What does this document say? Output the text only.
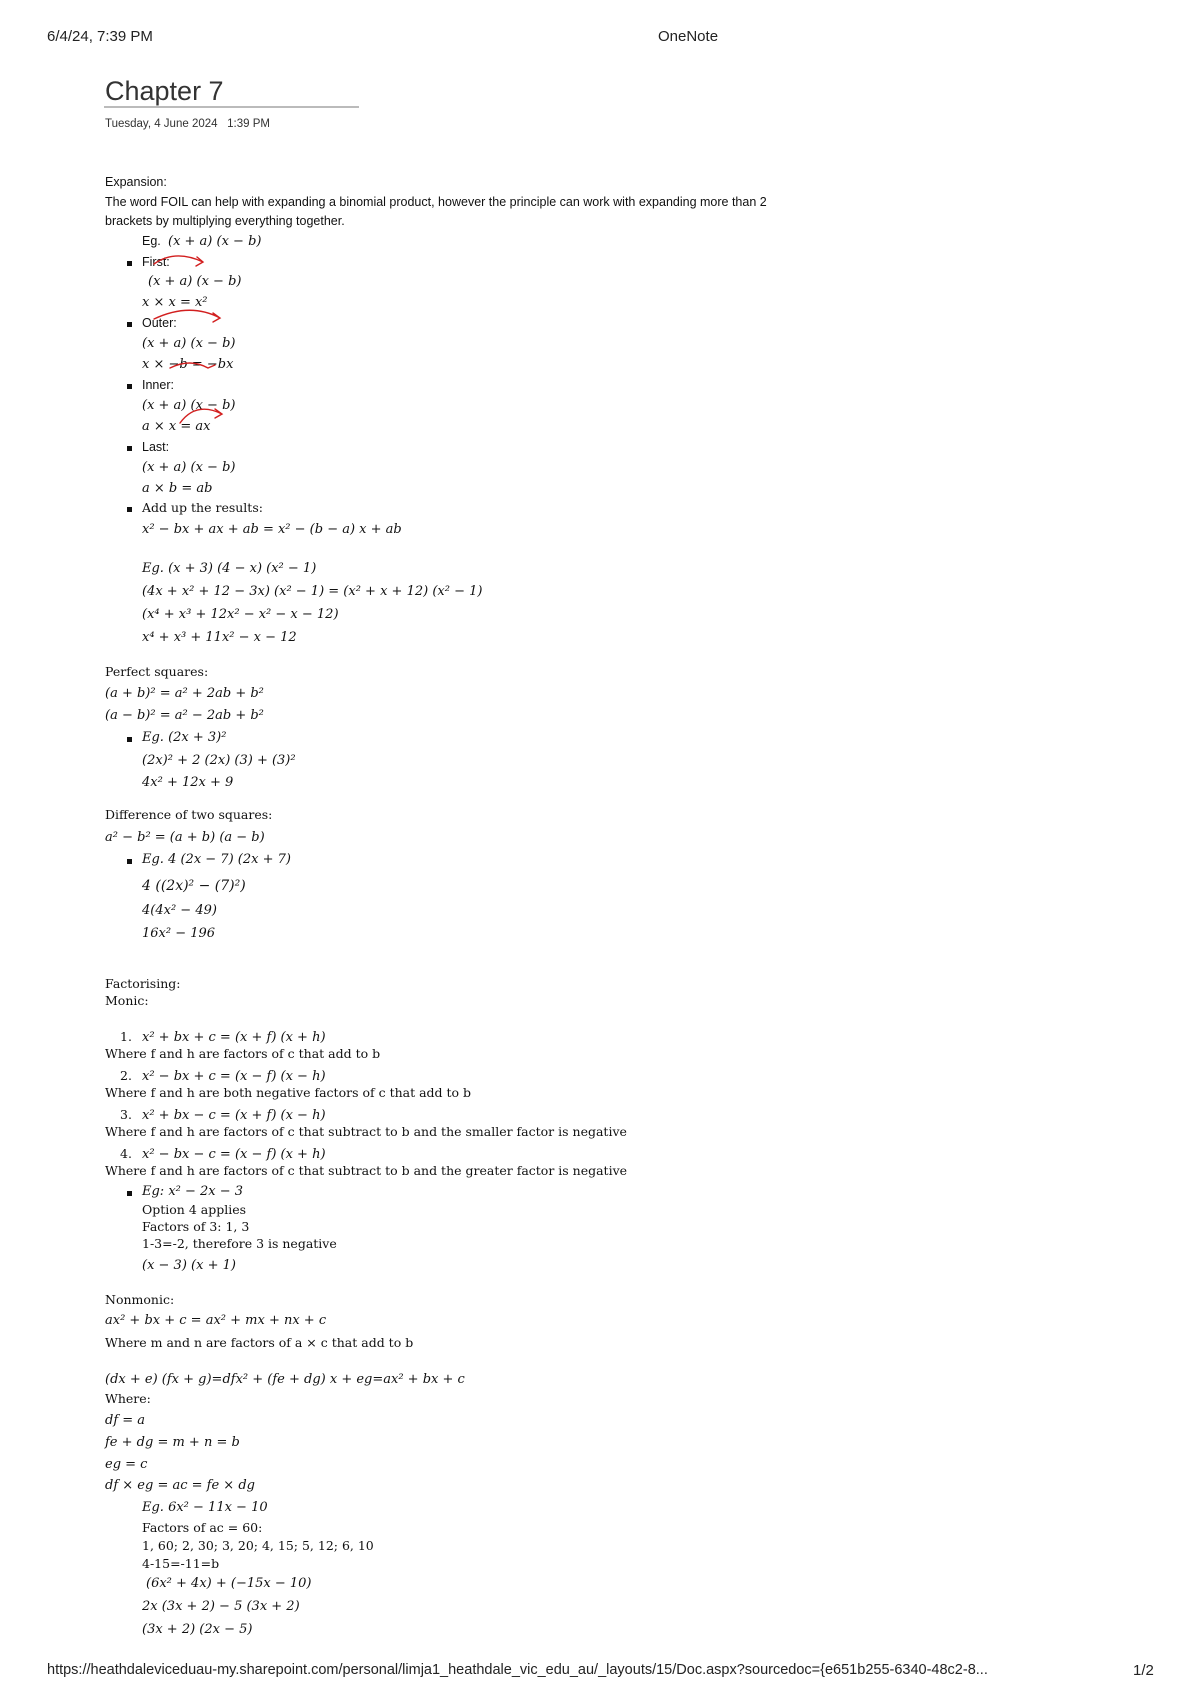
6/4/24, 7:39 PM	OneNote
Chapter 7
Tuesday, 4 June 2024 1:39 PM
Expansion:
The word FOIL can help with expanding a binomial product, however the principle can work with expanding more than 2
brackets by multiplying everything together.
Eg. (x + a) (x − b)
First:
(x + a) (x − b)
x × x = x²
Outer:
(x + a) (x − b)
x × −b = −bx
Inner:
(x + a) (x − b)
a × x = ax
Last:
(x + a) (x − b)
a × b = ab
Add up the results:
x² − bx + ax + ab = x² − (b − a) x + ab
Eg. (x + 3) (4 − x) (x² − 1)
(4x + x² + 12 − 3x) (x² − 1) = (x² + x + 12) (x² − 1)
(x⁴ + x³ + 12x² − x² − x − 12)
x⁴ + x³ + 11x² − x − 12
Perfect squares:
(a + b)² = a² + 2ab + b²
(a − b)² = a² − 2ab + b²
Eg. (2x + 3)²
(2x)² + 2 (2x) (3) + (3)²
4x² + 12x + 9
Difference of two squares:
a² − b² = (a + b) (a − b)
Eg. 4 (2x − 7) (2x + 7)
4 ((2x)² − (7)²)
4(4x² − 49)
16x² − 196
Factorising:
Monic:
1. x² + bx + c = (x + f) (x + h)
Where f and h are factors of c that add to b
2. x² − bx + c = (x − f) (x − h)
Where f and h are both negative factors of c that add to b
3. x² + bx − c = (x + f) (x − h)
Where f and h are factors of c that subtract to b and the smaller factor is negative
4. x² − bx − c = (x − f) (x + h)
Where f and h are factors of c that subtract to b and the greater factor is negative
Eg: x² − 2x − 3
Option 4 applies
Factors of 3: 1, 3
1-3=-2, therefore 3 is negative
(x − 3) (x + 1)
Nonmonic:
ax² + bx + c = ax² + mx + nx + c
Where m and n are factors of a × c that add to b
(dx + e) (fx + g)=dfx² + (fe + dg) x + eg=ax² + bx + c
Where:
df = a
fe + dg = m + n = b
eg = c
df × eg = ac = fe × dg
Eg. 6x² − 11x − 10
Factors of ac = 60:
1, 60; 2, 30; 3, 20; 4, 15; 5, 12; 6, 10
4-15=-11=b
(6x² + 4x) + (−15x − 10)
2x (3x + 2) − 5 (3x + 2)
(3x + 2) (2x − 5)
https://heathdaleviceduau-my.sharepoint.com/personal/limja1_heathdale_vic_edu_au/_layouts/15/Doc.aspx?sourcedoc={e651b255-6340-48c2-8...	1/2
